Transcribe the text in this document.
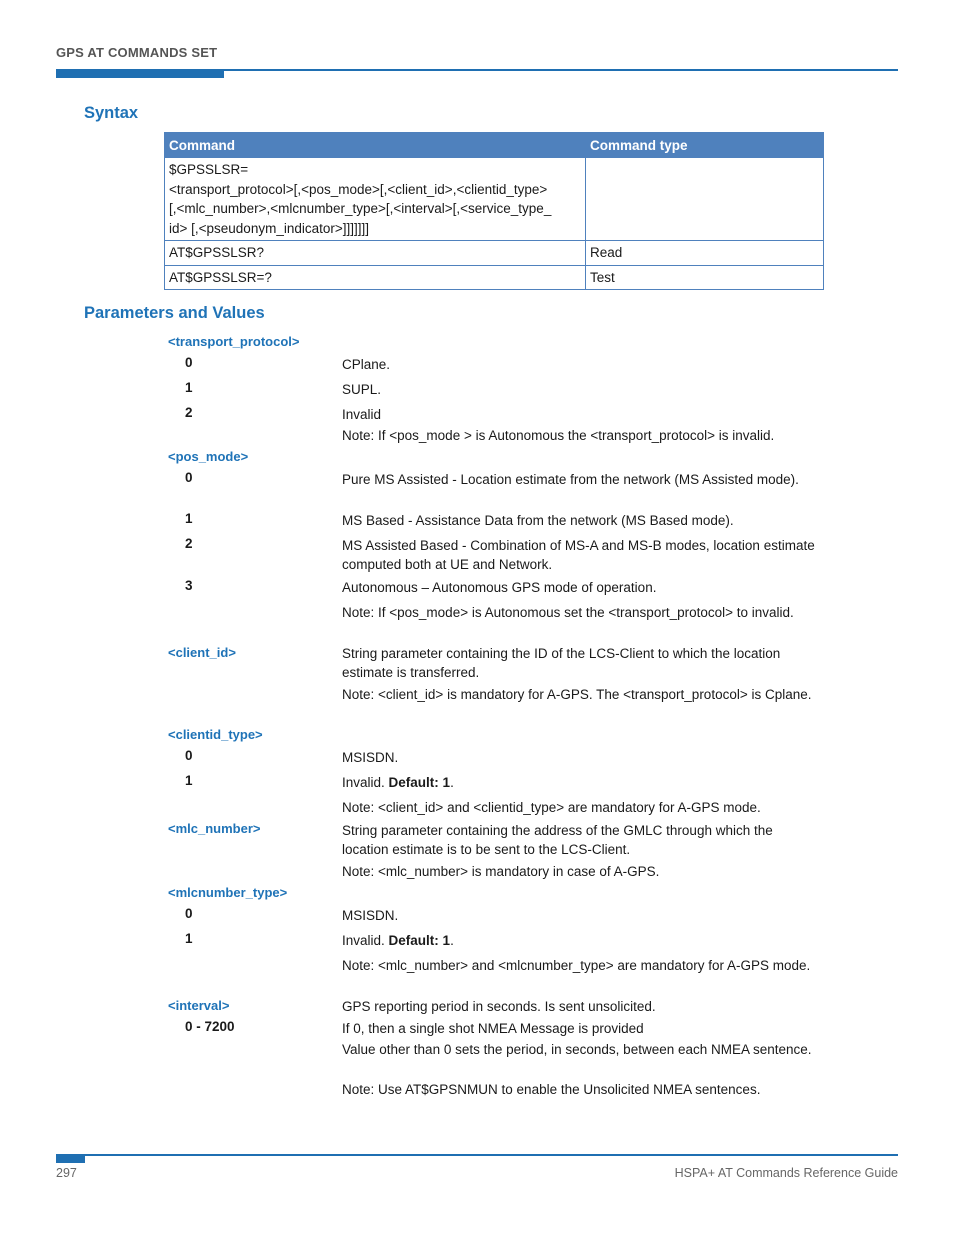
GPS AT COMMANDS SET
Syntax
Command	Command type
$GPSSLSR=
<transport_protocol>[,<pos_mode>[,<client_id>,<clientid_type>
[,<mlc_number>,<mlcnumber_type>[,<interval>[,<service_type_
id> [,<pseudonym_indicator>]]]]]]]	
AT$GPSSLSR?	Read
AT$GPSSLSR=?	Test
Parameters and Values
<transport_protocol>
0	CPlane.
1	SUPL.
2	Invalid
Note: If <pos_mode > is Autonomous the <transport_protocol> is invalid.
<pos_mode>
0	Pure MS Assisted - Location estimate from the network (MS Assisted mode).
1	MS Based - Assistance Data from the network (MS Based mode).
2	MS Assisted Based - Combination of MS-A and MS-B modes, location estimate computed both at UE and Network.
3	Autonomous – Autonomous GPS mode of operation.
Note: If <pos_mode> is Autonomous set the <transport_protocol> to invalid.
<client_id>	String parameter containing the ID of the LCS-Client to which the location estimate is transferred.
Note: <client_id> is mandatory for A-GPS. The <transport_protocol> is Cplane.
<clientid_type>
0	MSISDN.
1	Invalid. Default: 1.
Note: <client_id> and <clientid_type> are mandatory for A-GPS mode.
<mlc_number>	String parameter containing the address of the GMLC through which the location estimate is to be sent to the LCS-Client.
Note: <mlc_number> is mandatory in case of A-GPS.
<mlcnumber_type>
0	MSISDN.
1	Invalid. Default: 1.
Note: <mlc_number> and <mlcnumber_type> are mandatory for A-GPS mode.
<interval>	GPS reporting period in seconds. Is sent unsolicited.
0 - 7200	If 0, then a single shot NMEA Message is provided
Value other than 0 sets the period, in seconds, between each NMEA sentence.
Note: Use AT$GPSNMUN to enable the Unsolicited NMEA sentences.
297	HSPA+ AT Commands Reference Guide
